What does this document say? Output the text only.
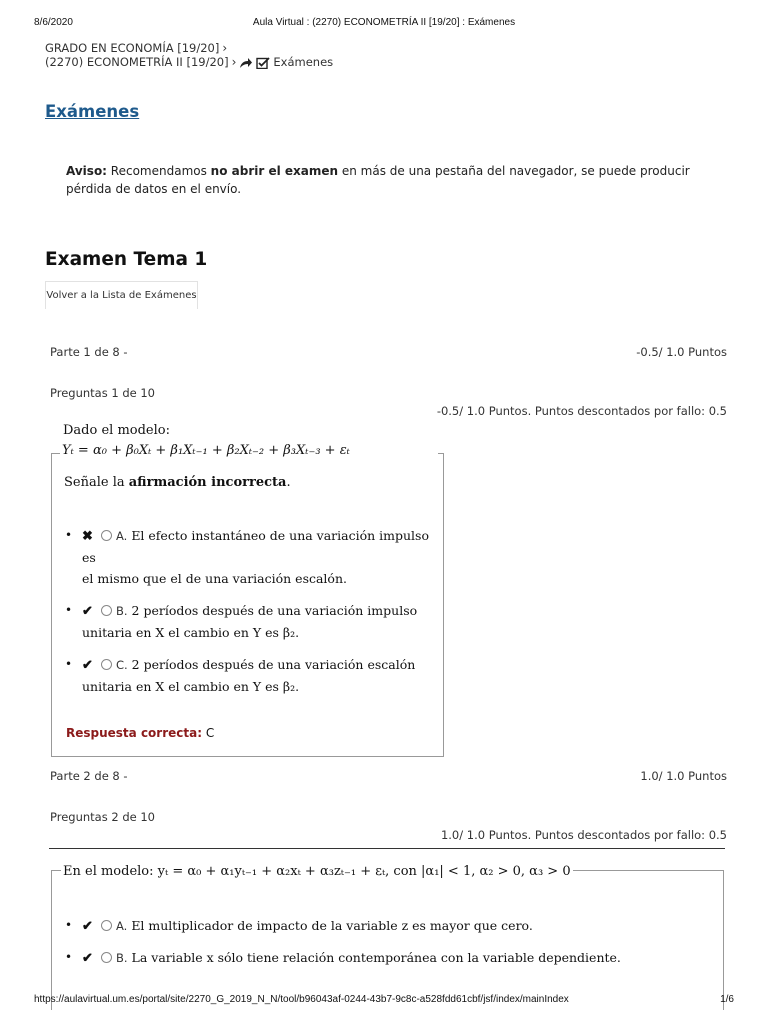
8/6/2020	Aula Virtual : (2270) ECONOMETRÍA II [19/20] : Exámenes
GRADO EN ECONOMÍA [19/20] ›
(2270) ECONOMETRÍA II [19/20] ›	Exámenes
Exámenes
Aviso: Recomendamos no abrir el examen en más de una pestaña del navegador, se puede producir pérdida de datos en el envío.
Examen Tema 1
Volver a la Lista de Exámenes
Parte 1 de 8 -	-0.5/ 1.0 Puntos
Preguntas 1 de 10
-0.5/ 1.0 Puntos. Puntos descontados por fallo: 0.5
Dado el modelo:
Yₜ = α₀ + β₀Xₜ + β₁Xₜ₋₁ + β₂Xₜ₋₂ + β₃Xₜ₋₃ + εₜ
Señale la afirmación incorrecta.
• ✖ A. El efecto instantáneo de una variación impulso es
el mismo que el de una variación escalón.
• ✔ B. 2 períodos después de una variación impulso
unitaria en X el cambio en Y es β₂.
• ✔ C. 2 períodos después de una variación escalón
unitaria en X el cambio en Y es β₂.
Respuesta correcta: C
Parte 2 de 8 -	1.0/ 1.0 Puntos
Preguntas 2 de 10
1.0/ 1.0 Puntos. Puntos descontados por fallo: 0.5
En el modelo: yₜ = α₀ + α₁yₜ₋₁ + α₂xₜ + α₃zₜ₋₁ + εₜ, con |α₁| < 1, α₂ > 0, α₃ > 0
• ✔ A. El multiplicador de impacto de la variable z es mayor que cero.
• ✔ B. La variable x sólo tiene relación contemporánea con la variable dependiente.
https://aulavirtual.um.es/portal/site/2270_G_2019_N_N/tool/b96043af-0244-43b7-9c8c-a528fdd61cbf/jsf/index/mainIndex	1/6
